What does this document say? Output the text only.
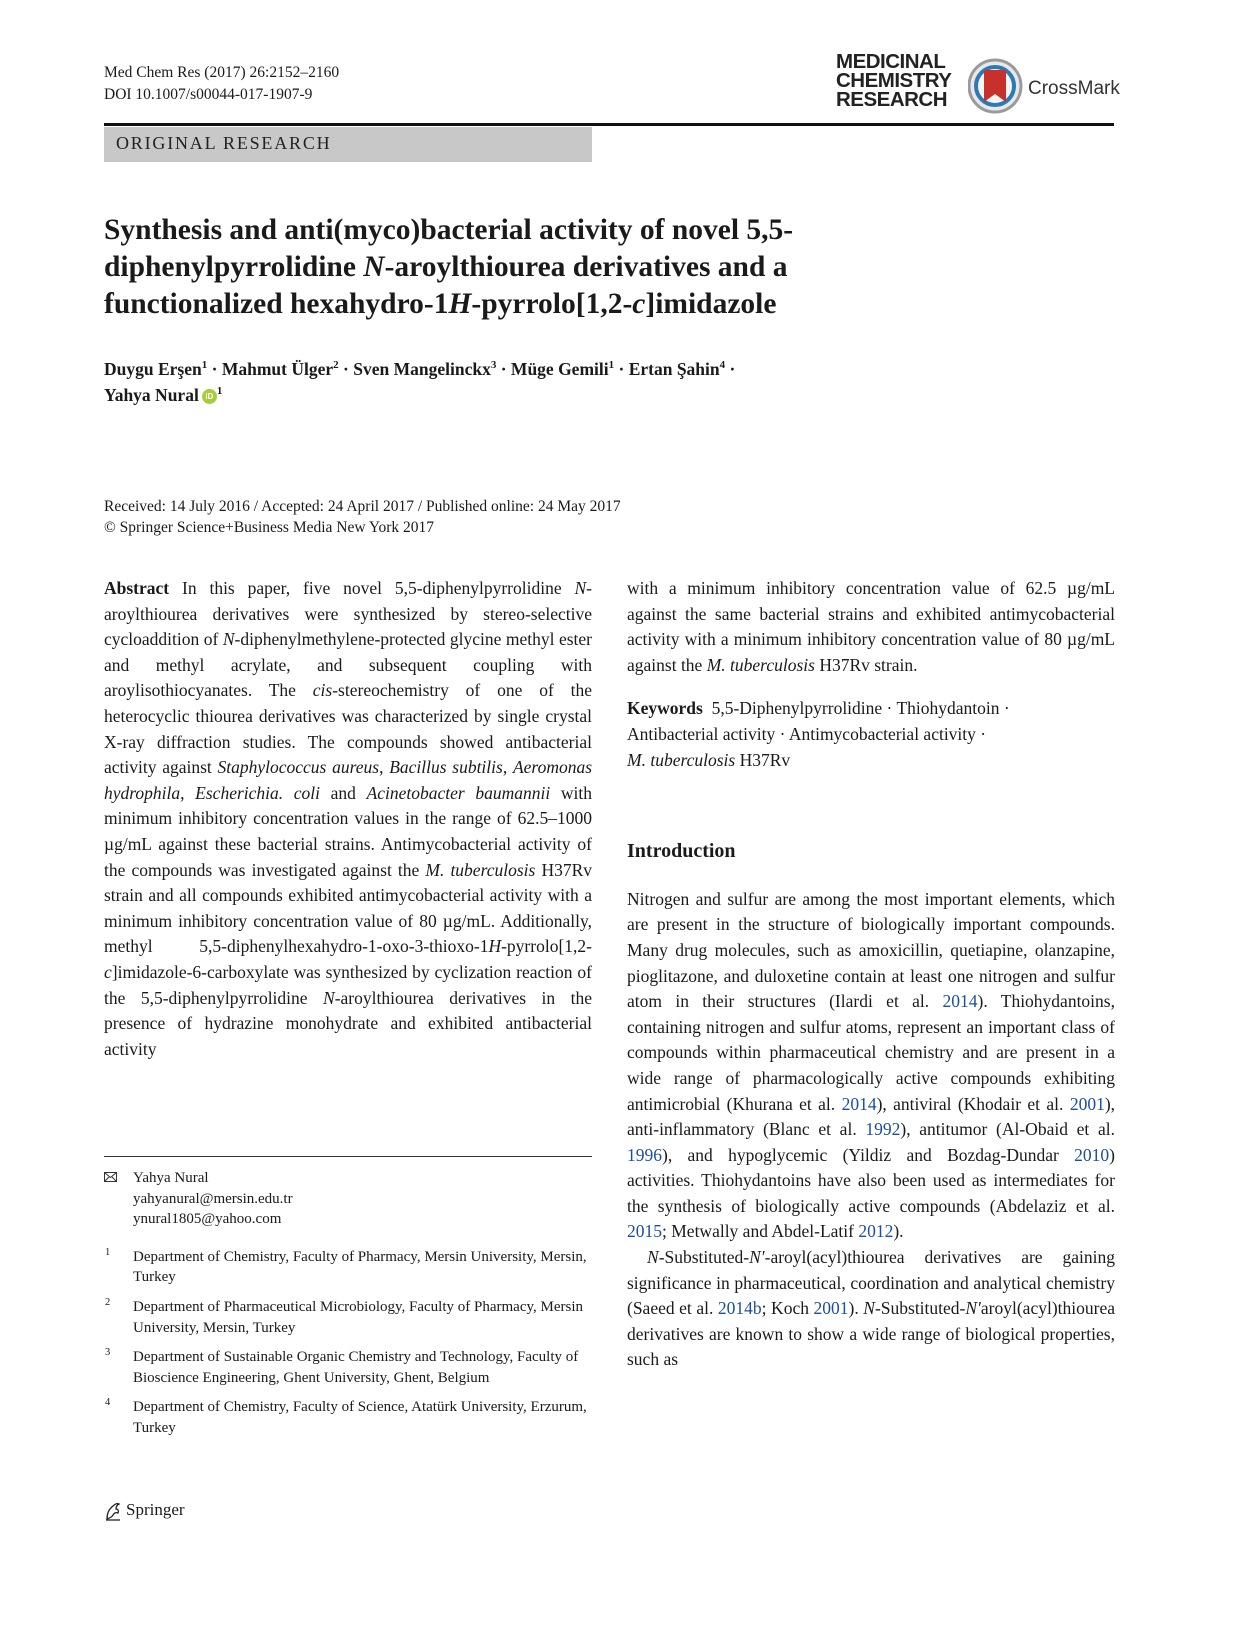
Med Chem Res (2017) 26:2152–2160
DOI 10.1007/s00044-017-1907-9
MEDICINAL
CHEMISTRY
RESEARCH	CrossMark
ORIGINAL RESEARCH
Synthesis and anti(myco)bacterial activity of novel 5,5-
diphenylpyrrolidine N-aroylthiourea derivatives and a
functionalized hexahydro-1H-pyrrolo[1,2-c]imidazole
Duygu Erşen$^1$ · Mahmut Ülger$^2$ · Sven Mangelinckx$^3$ · Müge Gemili$^1$ · Ertan Şahin$^4$ ·
Yahya Nural iD $^1$
Received: 14 July 2016 / Accepted: 24 April 2017 / Published online: 24 May 2017
© Springer Science+Business Media New York 2017
Abstract In this paper, five novel 5,5-diphenylpyrrolidine N-aroylthiourea derivatives were synthesized by stereo-selective cycloaddition of N-diphenylmethylene-protected glycine methyl ester and methyl acrylate, and subsequent coupling with aroylisothiocyanates. The cis-stereochemistry of one of the heterocyclic thiourea derivatives was characterized by single crystal X-ray diffraction studies. The compounds showed antibacterial activity against Staphylococcus aureus, Bacillus subtilis, Aeromonas hydrophila, Escherichia. coli and Acinetobacter baumannii with minimum inhibitory concentration values in the range of 62.5–1000 µg/mL against these bacterial strains. Antimycobacterial activity of the compounds was investigated against the M. tuberculosis H37Rv strain and all compounds exhibited antimycobacterial activity with a minimum inhibitory concentration value of 80 µg/mL. Additionally, methyl 5,5-diphenylhexahydro-1-oxo-3-thioxo-1H-pyrrolo[1,2-c]imidazole-6-carboxylate was synthesized by cyclization reaction of the 5,5-diphenylpyrrolidine N-aroylthiourea derivatives in the presence of hydrazine monohydrate and exhibited antibacterial activity
with a minimum inhibitory concentration value of 62.5 µg/mL against the same bacterial strains and exhibited antimycobacterial activity with a minimum inhibitory concentration value of 80 µg/mL against the M. tuberculosis H37Rv strain.
Keywords 5,5-Diphenylpyrrolidine · Thiohydantoin ·
Antibacterial activity · Antimycobacterial activity ·
M. tuberculosis H37Rv
Introduction

Nitrogen and sulfur are among the most important elements, which are present in the structure of biologically important compounds. Many drug molecules, such as amoxicillin, quetiapine, olanzapine, pioglitazone, and duloxetine contain at least one nitrogen and sulfur atom in their structures (Ilardi et al. 2014). Thiohydantoins, containing nitrogen and sulfur atoms, represent an important class of compounds within pharmaceutical chemistry and are present in a wide range of pharmacologically active compounds exhibiting antimicrobial (Khurana et al. 2014), antiviral (Khodair et al. 2001), anti-inflammatory (Blanc et al. 1992), antitumor (Al-Obaid et al. 1996), and hypoglycemic (Yildiz and Bozdag-Dundar 2010) activities. Thiohydantoins have also been used as intermediates for the synthesis of biologically active compounds (Abdelaziz et al. 2015; Metwally and Abdel-Latif 2012).

N-Substituted-N′-aroyl(acyl)thiourea derivatives are gaining significance in pharmaceutical, coordination and analytical chemistry (Saeed et al. 2014b; Koch 2001). N-Substituted-N′aroyl(acyl)thiourea derivatives are known to show a wide range of biological properties, such as

Yahya Nural
yahyanural@mersin.edu.tr
ynural1805@yahoo.com
1 Department of Chemistry, Faculty of Pharmacy, Mersin University, Mersin, Turkey
2 Department of Pharmaceutical Microbiology, Faculty of Pharmacy, Mersin University, Mersin, Turkey
3 Department of Sustainable Organic Chemistry and Technology, Faculty of Bioscience Engineering, Ghent University, Ghent, Belgium
4 Department of Chemistry, Faculty of Science, Atatürk University, Erzurum, Turkey
Springer
